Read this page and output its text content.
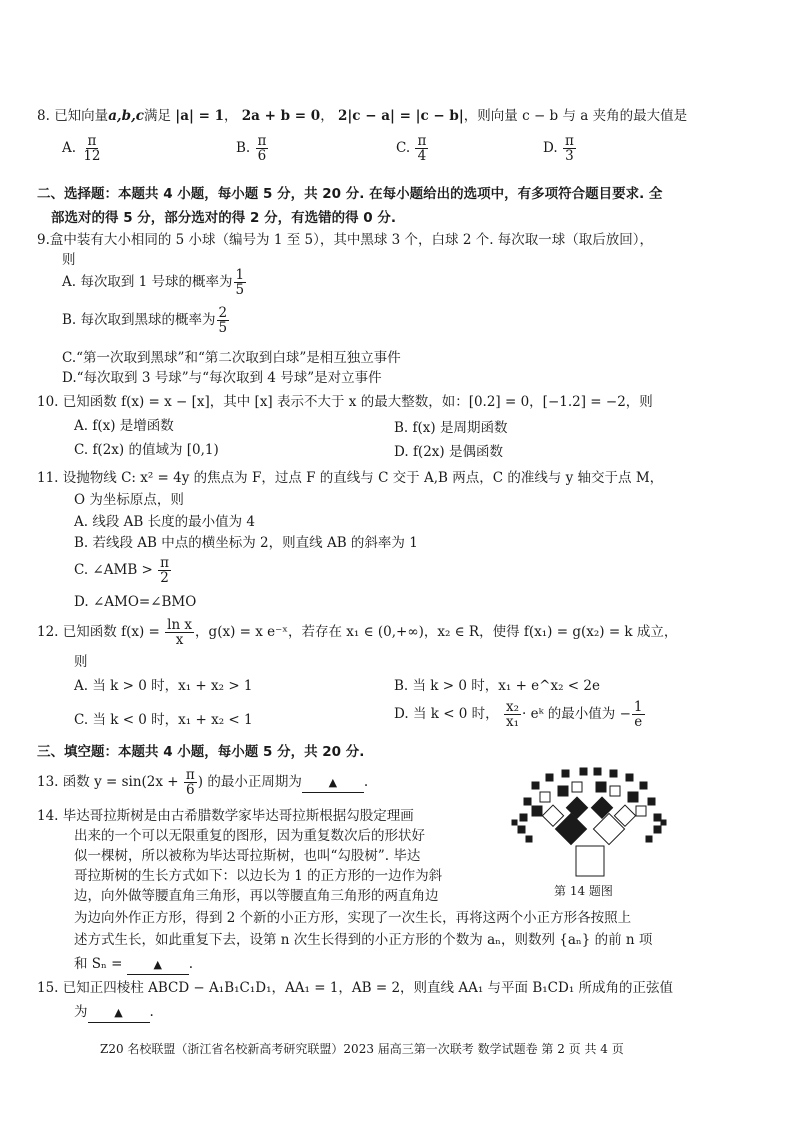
8. 已知向量a,b,c满足 |a| = 1， 2a + b = 0， 2|c − a| = |c − b|，则向量 c − b 与 a 夹角的最大值是
A. $\frac{\pi}{12}$	B. $\frac{\pi}{6}$	C. $\frac{\pi}{4}$	D. $\frac{\pi}{3}$
二、选择题：本题共 4 小题，每小题 5 分，共 20 分. 在每小题给出的选项中，有多项符合题目要求. 全
部选对的得 5 分，部分选对的得 2 分，有选错的得 0 分.
9.盒中装有大小相同的 5 小球（编号为 1 至 5），其中黑球 3 个，白球 2 个. 每次取一球（取后放回），
则
A. 每次取到 1 号球的概率为 $\frac{1}{5}$
B. 每次取到黑球的概率为 $\frac{2}{5}$
C.“第一次取到黑球”和“第二次取到白球”是相互独立事件
D.“每次取到 3 号球”与“每次取到 4 号球”是对立事件
10. 已知函数 f(x) = x − [x]，其中 [x] 表示不大于 x 的最大整数，如：[0.2] = 0，[−1.2] = −2，则
A. f(x) 是增函数	B. f(x) 是周期函数
C. f(2x) 的值域为 [0,1)	D. f(2x) 是偶函数
11. 设抛物线 C: x² = 4y 的焦点为 F，过点 F 的直线与 C 交于 A,B 两点，C 的准线与 y 轴交于点 M，
O 为坐标原点，则
A. 线段 AB 长度的最小值为 4
B. 若线段 AB 中点的横坐标为 2，则直线 AB 的斜率为 1
C. ∠AMB > $\frac{\pi}{2}$
D. ∠AMO=∠BMO
12. 已知函数 $f(x) = \frac{\text{ln x}}{x}$ ，g(x) = x e⁻ˣ，若存在 x₁ ∈ (0,+∞)，x₂ ∈ R，使得 f(x₁) = g(x₂) = k 成立，
则
A. 当 k > 0 时，x₁ + x₂ > 1	B. 当 k > 0 时，x₁ + e^x₂ < 2e
C. 当 k < 0 时，x₁ + x₂ < 1	D. 当 k < 0 时， $\frac{\text{x₂}}{\text{x₁}}$ · eᵏ 的最小值为 − $\frac{1}{e}$
三、填空题：本题共 4 小题，每小题 5 分，共 20 分.
13. 函数 $y = \sin(2x + \frac{\pi}{6}$ ) 的最小正周期为 ▲ .
14. 毕达哥拉斯树是由古希腊数学家毕达哥拉斯根据勾股定理画
出来的一个可以无限重复的图形，因为重复数次后的形状好
似一棵树，所以被称为毕达哥拉斯树，也叫“勾股树”. 毕达
哥拉斯树的生长方式如下：以边长为 1 的正方形的一边作为斜
边，向外做等腰直角三角形，再以等腰直角三角形的两直角边
为边向外作正方形，得到 2 个新的小正方形，实现了一次生长，再将这两个小正方形各按照上
述方式生长，如此重复下去，设第 n 次生长得到的小正方形的个数为 aₙ，则数列 {aₙ} 的前 n 项
和 Sₙ =	▲ .
第 14 题图
15. 已知正四棱柱 ABCD − A₁B₁C₁D₁，AA₁ = 1，AB = 2，则直线 AA₁ 与平面 B₁CD₁ 所成角的正弦值
为 ▲ .
Z20 名校联盟（浙江省名校新高考研究联盟）2023 届高三第一次联考 数学试题卷 第 2 页 共 4 页
